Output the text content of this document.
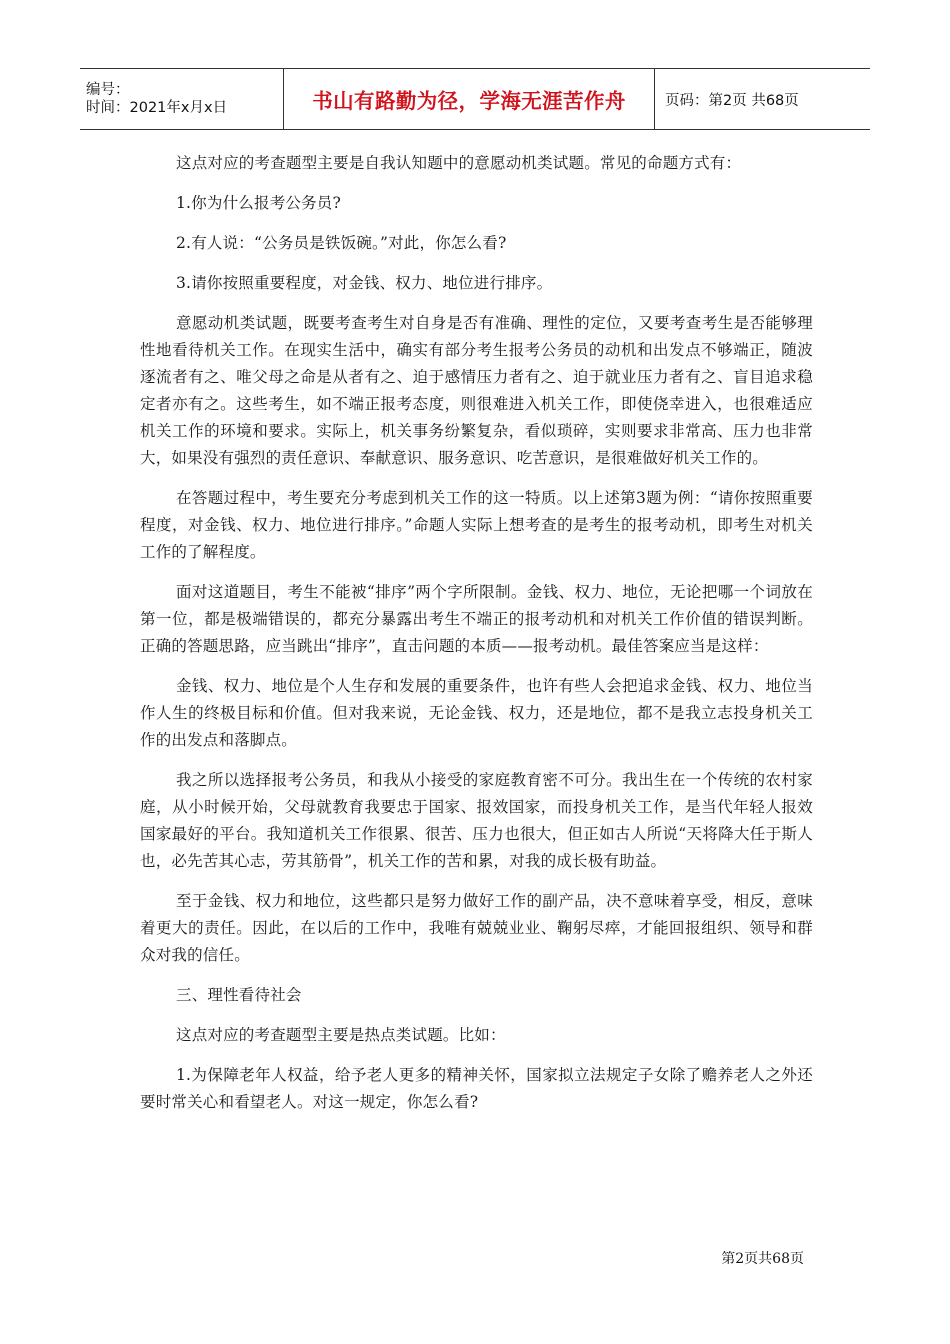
编号：
时间：2021年x月x日	书山有路勤为径，学海无涯苦作舟	页码：第2页 共68页

这点对应的考查题型主要是自我认知题中的意愿动机类试题。常见的命题方式有：

1.你为什么报考公务员?

2.有人说：“公务员是铁饭碗。”对此，你怎么看?

3.请你按照重要程度，对金钱、权力、地位进行排序。

意愿动机类试题，既要考查考生对自身是否有准确、理性的定位，又要考查考生是否能够理性地看待机关工作。在现实生活中，确实有部分考生报考公务员的动机和出发点不够端正，随波逐流者有之、唯父母之命是从者有之、迫于感情压力者有之、迫于就业压力者有之、盲目追求稳定者亦有之。这些考生，如不端正报考态度，则很难进入机关工作，即使侥幸进入，也很难适应机关工作的环境和要求。实际上，机关事务纷繁复杂，看似琐碎，实则要求非常高、压力也非常大，如果没有强烈的责任意识、奉献意识、服务意识、吃苦意识，是很难做好机关工作的。

在答题过程中，考生要充分考虑到机关工作的这一特质。以上述第3题为例：“请你按照重要程度，对金钱、权力、地位进行排序。”命题人实际上想考查的是考生的报考动机，即考生对机关工作的了解程度。

面对这道题目，考生不能被“排序”两个字所限制。金钱、权力、地位，无论把哪一个词放在第一位，都是极端错误的，都充分暴露出考生不端正的报考动机和对机关工作价值的错误判断。正确的答题思路，应当跳出“排序”，直击问题的本质——报考动机。最佳答案应当是这样：

金钱、权力、地位是个人生存和发展的重要条件，也许有些人会把追求金钱、权力、地位当作人生的终极目标和价值。但对我来说，无论金钱、权力，还是地位，都不是我立志投身机关工作的出发点和落脚点。

我之所以选择报考公务员，和我从小接受的家庭教育密不可分。我出生在一个传统的农村家庭，从小时候开始，父母就教育我要忠于国家、报效国家，而投身机关工作，是当代年轻人报效国家最好的平台。我知道机关工作很累、很苦、压力也很大，但正如古人所说“天将降大任于斯人也，必先苦其心志，劳其筋骨”，机关工作的苦和累，对我的成长极有助益。

至于金钱、权力和地位，这些都只是努力做好工作的副产品，决不意味着享受，相反，意味着更大的责任。因此，在以后的工作中，我唯有兢兢业业、鞠躬尽瘁，才能回报组织、领导和群众对我的信任。

三、理性看待社会

这点对应的考查题型主要是热点类试题。比如：

1.为保障老年人权益，给予老人更多的精神关怀，国家拟立法规定子女除了赡养老人之外还要时常关心和看望老人。对这一规定，你怎么看?

第2页共68页
